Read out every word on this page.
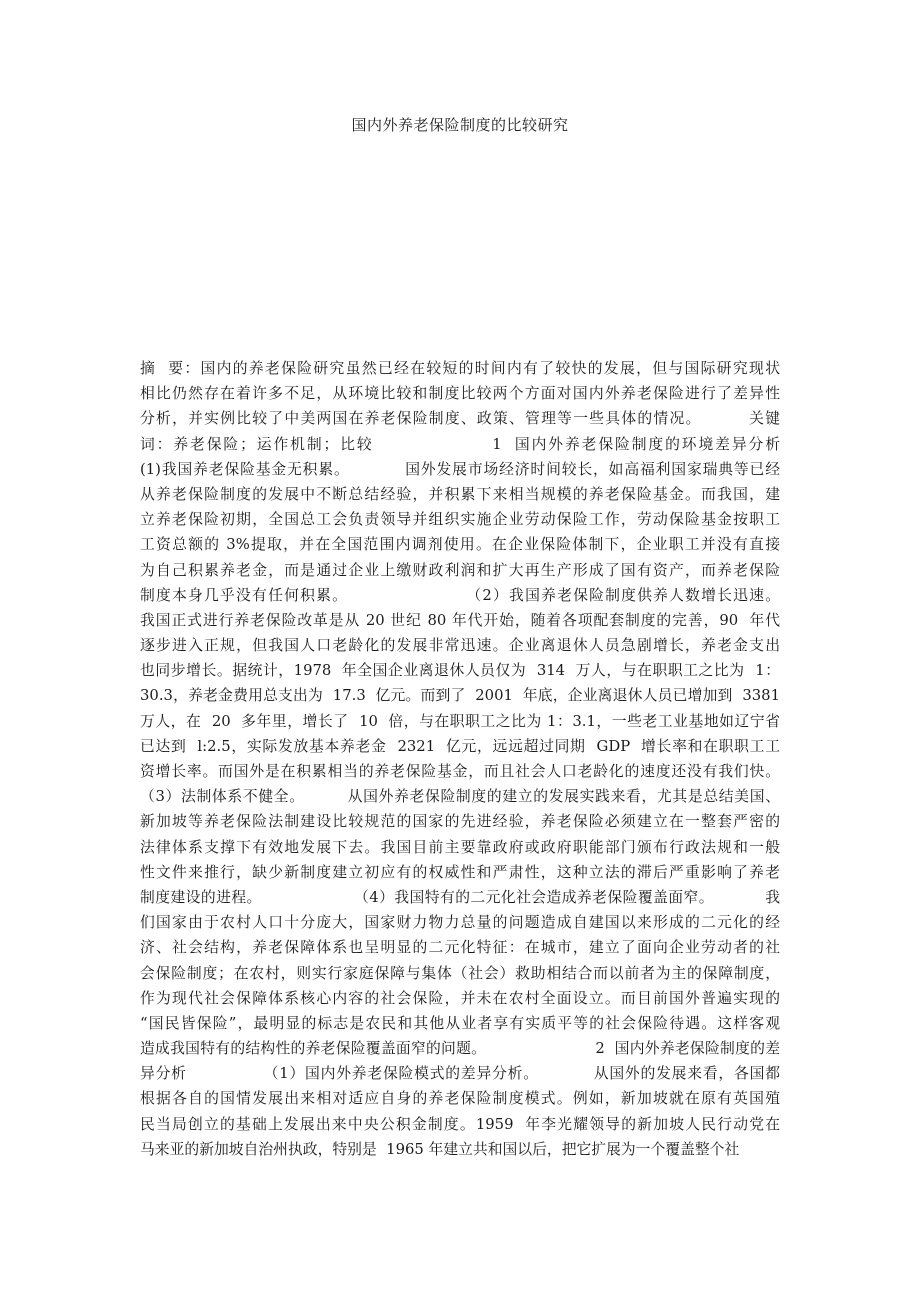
国内外养老保险制度的比较研究
摘  要：国内的养老保险研究虽然已经在较短的时间内有了较快的发展，但与国际研究现状
相比仍然存在着许多不足，从环境比较和制度比较两个方面对国内外养老保险进行了差异性
分析，并实例比较了中美两国在养老保险制度、政策、管理等一些具体的情况。        关键
词：养老保险；运作机制；比较                  1  国内外养老保险制度的环境差异分析
(1)我国养老保险基金无积累。          国外发展市场经济时间较长，如高福利国家瑞典等已经
从养老保险制度的发展中不断总结经验，并积累下来相当规模的养老保险基金。而我国，建
立养老保险初期，全国总工会负责领导并组织实施企业劳动保险工作，劳动保险基金按职工
工资总额的 3%提取，并在全国范围内调剂使用。在企业保险体制下，企业职工并没有直接
为自己积累养老金，而是通过企业上缴财政利润和扩大再生产形成了国有资产，而养老保险
制度本身几乎没有任何积累。                    （2）我国养老保险制度供养人数增长迅速。
我国正式进行养老保险改革是从 20 世纪 80 年代开始，随着各项配套制度的完善，90  年代
逐步进入正规，但我国人口老龄化的发展非常迅速。企业离退休人员急剧增长，养老金支出
也同步增长。据统计，1978  年全国企业离退休人员仅为  314  万人，与在职职工之比为  1：
30.3，养老金费用总支出为  17.3  亿元。而到了  2001  年底，企业离退休人员已增加到  3381
万人，在  20  多年里，增长了  10  倍，与在职职工之比为 1：3.1，一些老工业基地如辽宁省
已达到  l:2.5，实际发放基本养老金  2321  亿元，远远超过同期  GDP  增长率和在职职工工
资增长率。而国外是在积累相当的养老保险基金，而且社会人口老龄化的速度还没有我们快。
（3）法制体系不健全。        从国外养老保险制度的建立的发展实践来看，尤其是总结美国、
新加坡等养老保险法制建设比较规范的国家的先进经验，养老保险必须建立在一整套严密的
法律体系支撑下有效地发展下去。我国目前主要靠政府或政府职能部门颁布行政法规和一般
性文件来推行，缺少新制度建立初应有的权威性和严肃性，这种立法的滞后严重影响了养老
制度建设的进程。                  （4）我国特有的二元化社会造成养老保险覆盖面窄。          我
们国家由于农村人口十分庞大，国家财力物力总量的问题造成自建国以来形成的二元化的经
济、社会结构，养老保障体系也呈明显的二元化特征：在城市，建立了面向企业劳动者的社
会保险制度；在农村，则实行家庭保障与集体（社会）救助相结合而以前者为主的保障制度，
作为现代社会保障体系核心内容的社会保险，并未在农村全面设立。而目前国外普遍实现的
“国民皆保险”，最明显的标志是农民和其他从业者享有实质平等的社会保险待遇。这样客观
造成我国特有的结构性的养老保险覆盖面窄的问题。                      2  国内外养老保险制度的差
异分析              （1）国内外养老保险模式的差异分析。          从国外的发展来看，各国都
根据各自的国情发展出来相对适应自身的养老保险制度模式。例如，新加坡就在原有英国殖
民当局创立的基础上发展出来中央公积金制度。1959  年李光耀领导的新加坡人民行动党在
马来亚的新加坡自治州执政，特别是  1965 年建立共和国以后，把它扩展为一个覆盖整个社
